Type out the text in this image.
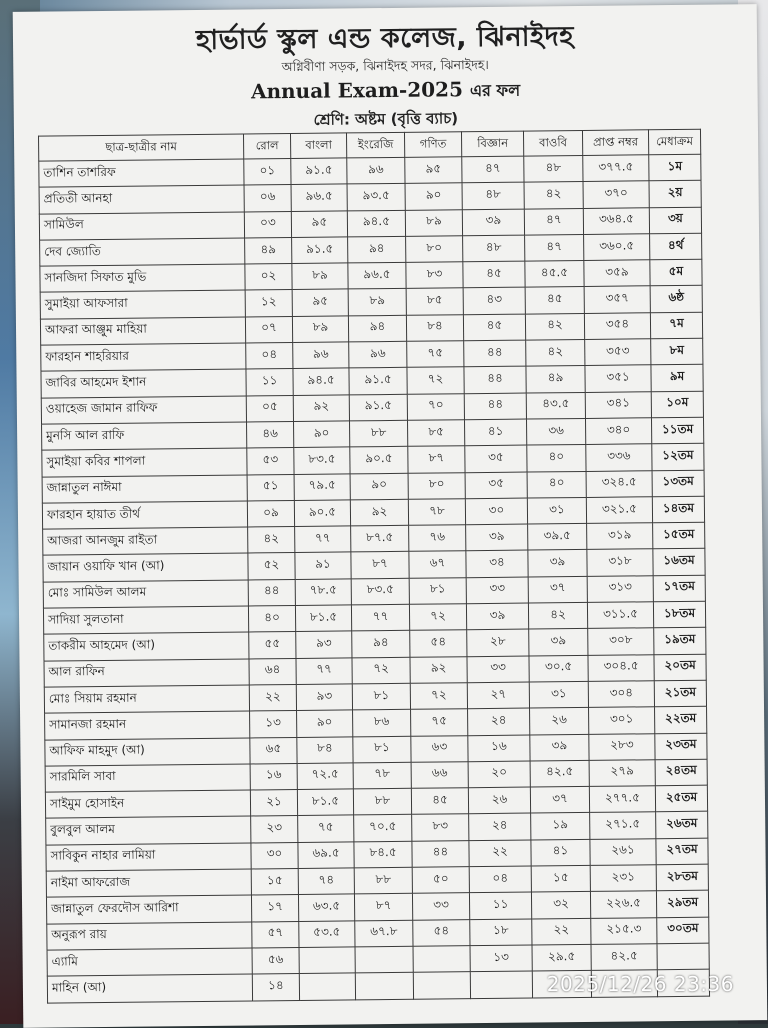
হার্ভার্ড স্কুল এন্ড কলেজ, ঝিনাইদহ
অগ্নিবীণা সড়ক, ঝিনাইদহ সদর, ঝিনাইদহ।
Annual Exam-2025 এর ফল
শ্রেণি: অষ্টম (বৃত্তি ব্যাচ)
ছাত্র-ছাত্রীর নাম	রোল	বাংলা	ইংরেজি	গণিত	বিজ্ঞান	বাওবি	প্রাপ্ত নম্বর	মেধাক্রম
তাশিন তাশরিফ	০১	৯১.৫	৯৬	৯৫	৪৭	৪৮	৩৭৭.৫	১ম
প্রতিতী আনহা	০৬	৯৬.৫	৯৩.৫	৯০	৪৮	৪২	৩৭০	২য়
সামিউল	০৩	৯৫	৯৪.৫	৮৯	৩৯	৪৭	৩৬৪.৫	৩য়
দেব জ্যোতি	৪৯	৯১.৫	৯৪	৮০	৪৮	৪৭	৩৬০.৫	৪র্থ
সানজিদা সিফাত মুভি	০২	৮৯	৯৬.৫	৮৩	৪৫	৪৫.৫	৩৫৯	৫ম
সুমাইয়া আফসারা	১২	৯৫	৮৯	৮৫	৪৩	৪৫	৩৫৭	৬ষ্ঠ
আফরা আঞ্জুম মাহিয়া	০৭	৮৯	৯৪	৮৪	৪৫	৪২	৩৫৪	৭ম
ফারহান শাহরিয়ার	০৪	৯৬	৯৬	৭৫	৪৪	৪২	৩৫৩	৮ম
জাবির আহমেদ ইশান	১১	৯৪.৫	৯১.৫	৭২	৪৪	৪৯	৩৫১	৯ম
ওয়াহেজ জামান রাফিফ	০৫	৯২	৯১.৫	৭০	৪৪	৪৩.৫	৩৪১	১০ম
মুনসি আল রাফি	৪৬	৯০	৮৮	৮৫	৪১	৩৬	৩৪০	১১তম
সুমাইয়া কবির শাপলা	৫৩	৮৩.৫	৯০.৫	৮৭	৩৫	৪০	৩৩৬	১২তম
জান্নাতুল নাঈমা	৫১	৭৯.৫	৯০	৮০	৩৫	৪০	৩২৪.৫	১৩তম
ফারহান হায়াত তীর্থ	০৯	৯০.৫	৯২	৭৮	৩০	৩১	৩২১.৫	১৪তম
আজরা আনজুম রাইতা	৪২	৭৭	৮৭.৫	৭৬	৩৯	৩৯.৫	৩১৯	১৫তম
জায়ান ওয়াফি খান (আ)	৫২	৯১	৮৭	৬৭	৩৪	৩৯	৩১৮	১৬তম
মোঃ সামিউল আলম	৪৪	৭৮.৫	৮৩.৫	৮১	৩৩	৩৭	৩১৩	১৭তম
সাদিয়া সুলতানা	৪০	৮১.৫	৭৭	৭২	৩৯	৪২	৩১১.৫	১৮তম
তাকরীম আহমেদ (আ)	৫৫	৯৩	৯৪	৫৪	২৮	৩৯	৩০৮	১৯তম
আল রাফিন	৬৪	৭৭	৭২	৯২	৩৩	৩০.৫	৩০৪.৫	২০তম
মোঃ সিয়াম রহমান	২২	৯৩	৮১	৭২	২৭	৩১	৩০৪	২১তম
সামানজা রহমান	১৩	৯০	৮৬	৭৫	২৪	২৬	৩০১	২২তম
আফিফ মাহমুদ (আ)	৬৫	৮৪	৮১	৬৩	১৬	৩৯	২৮৩	২৩তম
সারমিলি সাবা	১৬	৭২.৫	৭৮	৬৬	২০	৪২.৫	২৭৯	২৪তম
সাইমুম হোসাইন	২১	৮১.৫	৮৮	৪৫	২৬	৩৭	২৭৭.৫	২৫তম
বুলবুল আলম	২৩	৭৫	৭০.৫	৮৩	২৪	১৯	২৭১.৫	২৬তম
সাবিকুন নাহার লামিয়া	৩০	৬৯.৫	৮৪.৫	৪৪	২২	৪১	২৬১	২৭তম
নাইমা আফরোজ	১৫	৭৪	৮৮	৫০	০৪	১৫	২৩১	২৮তম
জান্নাতুল ফেরদৌস আরিশা	১৭	৬৩.৫	৮৭	৩৩	১১	৩২	২২৬.৫	২৯তম
অনুরূপ রায়	৫৭	৫৩.৫	৬৭.৮	৫৪	১৮	২২	২১৫.৩	৩০তম
এ্যামি	৫৬				১৩	২৯.৫	৪২.৫	
মাহিন (আ)	১৪								2025/12/26 23:36
